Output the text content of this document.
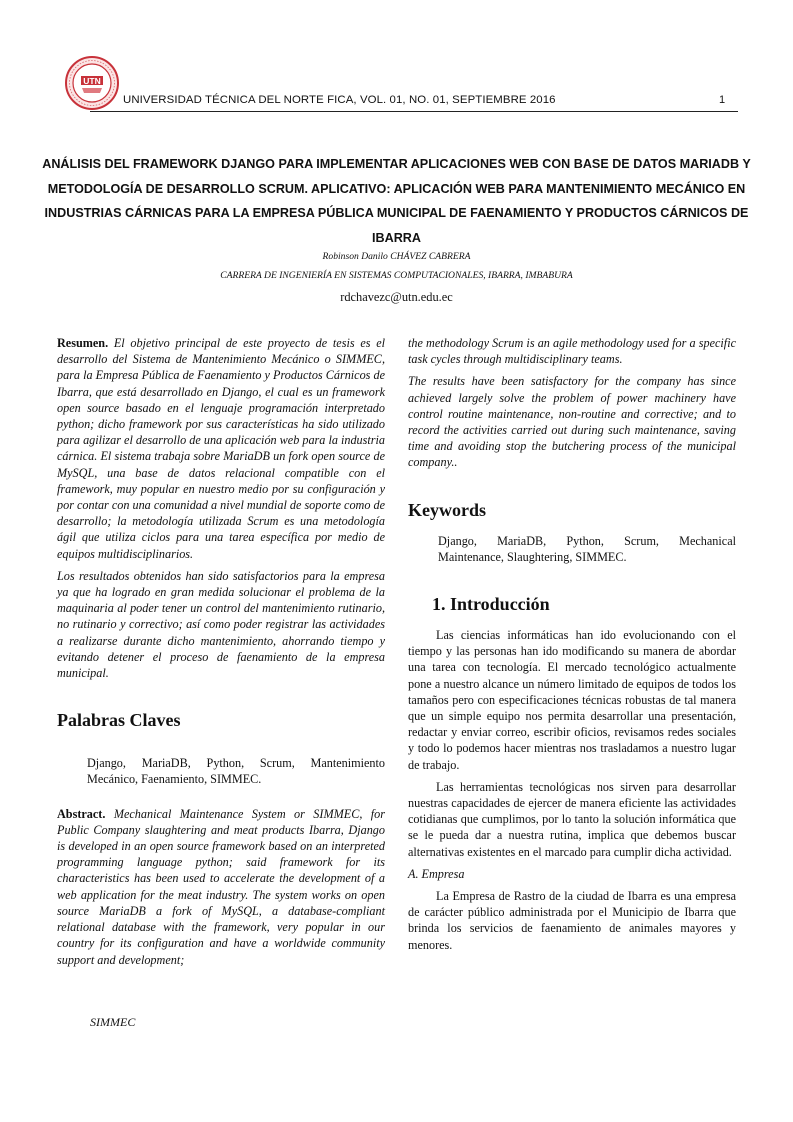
UTN
UNIVERSIDAD TÉCNICA DEL NORTE FICA, VOL. 01, NO. 01, SEPTIEMBRE 2016	1
ANÁLISIS DEL FRAMEWORK DJANGO PARA IMPLEMENTAR APLICACIONES WEB CON BASE DE DATOS MARIADB Y METODOLOGÍA DE DESARROLLO SCRUM. APLICATIVO: APLICACIÓN WEB PARA MANTENIMIENTO MECÁNICO EN INDUSTRIAS CÁRNICAS PARA LA EMPRESA PÚBLICA MUNICIPAL DE FAENAMIENTO Y PRODUCTOS CÁRNICOS DE IBARRA
Robinson Danilo CHÁVEZ CABRERA
CARRERA DE INGENIERÍA EN SISTEMAS COMPUTACIONALES, IBARRA, IMBABURA
rdchavezc@utn.edu.ec

Resumen. El objetivo principal de este proyecto de tesis es el desarrollo del Sistema de Mantenimiento Mecánico o SIMMEC, para la Empresa Pública de Faenamiento y Productos Cárnicos de Ibarra, que está desarrollado en Django, el cual es un framework open source basado en el lenguaje programación interpretado python; dicho framework por sus características ha sido utilizado para agilizar el desarrollo de una aplicación web para la industria cárnica. El sistema trabaja sobre MariaDB un fork open source de MySQL, una base de datos relacional compatible con el framework, muy popular en nuestro medio por su configuración y por contar con una comunidad a nivel mundial de soporte como de desarrollo; la metodología utilizada Scrum es una metodología ágil que utiliza ciclos para una tarea específica por medio de equipos multidisciplinarios.

Los resultados obtenidos han sido satisfactorios para la empresa ya que ha logrado en gran medida solucionar el problema de la maquinaria al poder tener un control del mantenimiento rutinario, no rutinario y correctivo; así como poder registrar las actividades a realizarse durante dicho mantenimiento, ahorrando tiempo y evitando detener el proceso de faenamiento de la empresa municipal.

Palabras Claves

Django, MariaDB, Python, Scrum, Mantenimiento Mecánico, Faenamiento, SIMMEC.

Abstract. Mechanical Maintenance System or SIMMEC, for Public Company slaughtering and meat products Ibarra, Django is developed in an open source framework based on an interpreted programming language python; said framework for its characteristics has been used to accelerate the development of a web application for the meat industry. The system works on open source MariaDB a fork of MySQL, a database-compliant relational database with the framework, very popular in our country for its configuration and have a worldwide community support and development;

the methodology Scrum is an agile methodology used for a specific task cycles through multidisciplinary teams.

The results have been satisfactory for the company has since achieved largely solve the problem of power machinery have control routine maintenance, non-routine and corrective; and to record the activities carried out during such maintenance, saving time and avoiding stop the butchering process of the municipal company..

Keywords

Django, MariaDB, Python, Scrum, Mechanical Maintenance, Slaughtering, SIMMEC.

1. Introducción

Las ciencias informáticas han ido evolucionando con el tiempo y las personas han ido modificando su manera de abordar una tarea con tecnología. El mercado tecnológico actualmente pone a nuestro alcance un número limitado de equipos de todos los tamaños pero con especificaciones técnicas robustas de tal manera que un simple equipo nos permita desarrollar una presentación, redactar y enviar correo, escribir oficios, revisamos redes sociales y todo lo podemos hacer mientras nos trasladamos a nuestro lugar de trabajo.

Las herramientas tecnológicas nos sirven para desarrollar nuestras capacidades de ejercer de manera eficiente las actividades cotidianas que cumplimos, por lo tanto la solución informática que se le pueda dar a nuestra rutina, implica que debemos buscar alternativas existentes en el marcado para cumplir dicha actividad.

A. Empresa

La Empresa de Rastro de la ciudad de Ibarra es una empresa de carácter público administrada por el Municipio de Ibarra que brinda los servicios de faenamiento de animales mayores y menores.

SIMMEC
